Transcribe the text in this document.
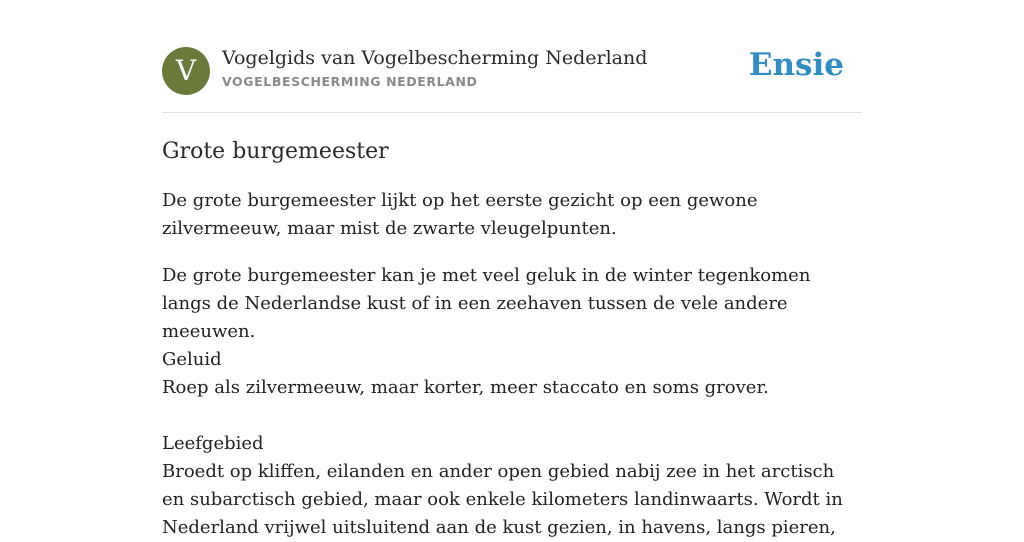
V	Vogelgids van Vogelbescherming Nederland
VOGELBESCHERMING NEDERLAND	Ensie
Grote burgemeester

De grote burgemeester lijkt op het eerste gezicht op een gewone zilvermeeuw, maar mist de zwarte vleugelpunten.

De grote burgemeester kan je met veel geluk in de winter tegenkomen langs de Nederlandse kust of in een zeehaven tussen de vele andere meeuwen.
Geluid
Roep als zilvermeeuw, maar korter, meer staccato en soms grover.
Leefgebied
Broedt op kliffen, eilanden en ander open gebied nabij zee in het arctisch en subarctisch gebied, maar ook enkele kilometers landinwaarts. Wordt in Nederland vrijwel uitsluitend aan de kust gezien, in havens, langs pieren,
